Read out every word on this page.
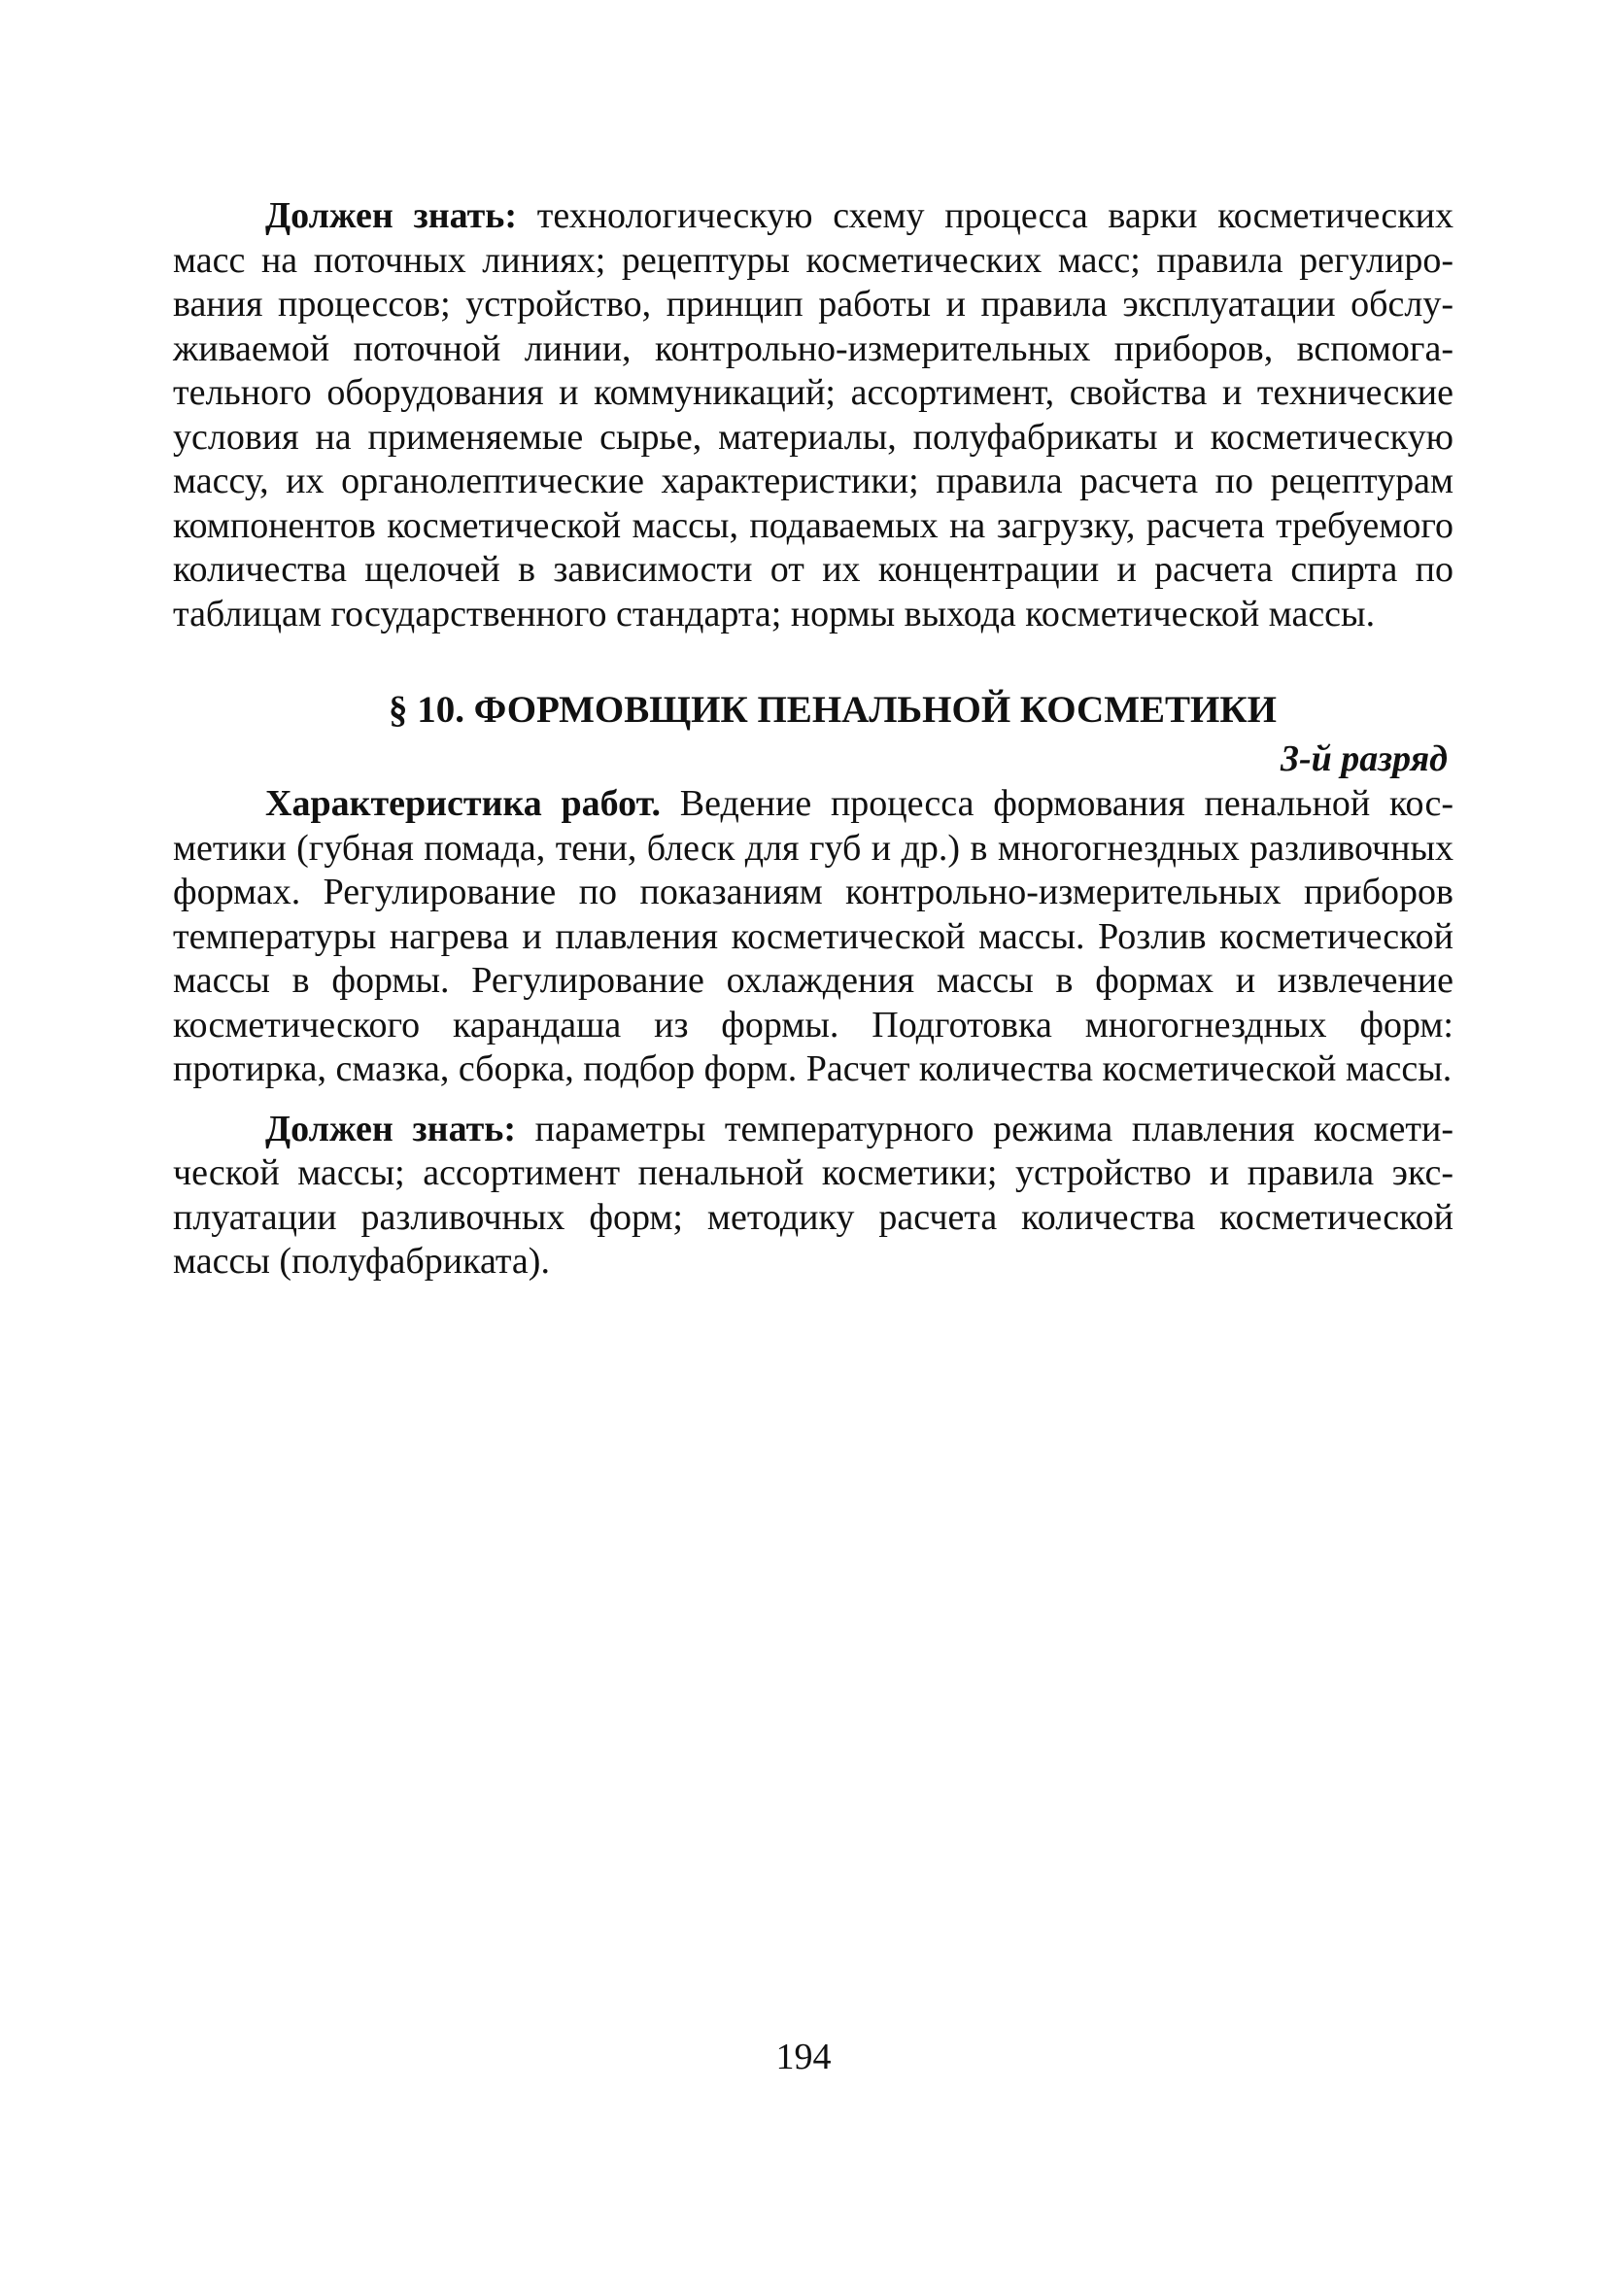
Должен знать: технологическую схему процесса варки косметических масс на поточных линиях; рецептуры косметических масс; правила регулирования процессов; устройство, принцип работы и правила эксплуатации обслуживаемой поточной линии, контрольно-измерительных приборов, вспомогательного оборудования и коммуникаций; ассортимент, свойства и технические условия на применяемые сырье, материалы, полуфабрикаты и косметическую массу, их органолептические характеристики; правила расчета по рецептурам компонентов косметической массы, подаваемых на загрузку, расчета требуемого количества щелочей в зависимости от их концентрации и расчета спирта по таблицам государственного стандарта; нормы выхода косметической массы.

§ 10. ФОРМОВЩИК ПЕНАЛЬНОЙ КОСМЕТИКИ
3-й разряд

Характеристика работ. Ведение процесса формования пенальной косметики (губная помада, тени, блеск для губ и др.) в многогнездных разливочных формах. Регулирование по показаниям контрольно-измерительных приборов температуры нагрева и плавления косметической массы. Розлив косметической массы в формы. Регулирование охлаждения массы в формах и извлечение косметического карандаша из формы. Подготовка многогнездных форм: протирка, смазка, сборка, подбор форм. Расчет количества косметической массы.

Должен знать: параметры температурного режима плавления косметической массы; ассортимент пенальной косметики; устройство и правила эксплуатации разливочных форм; методику расчета количества косметической массы (полуфабриката).

194
